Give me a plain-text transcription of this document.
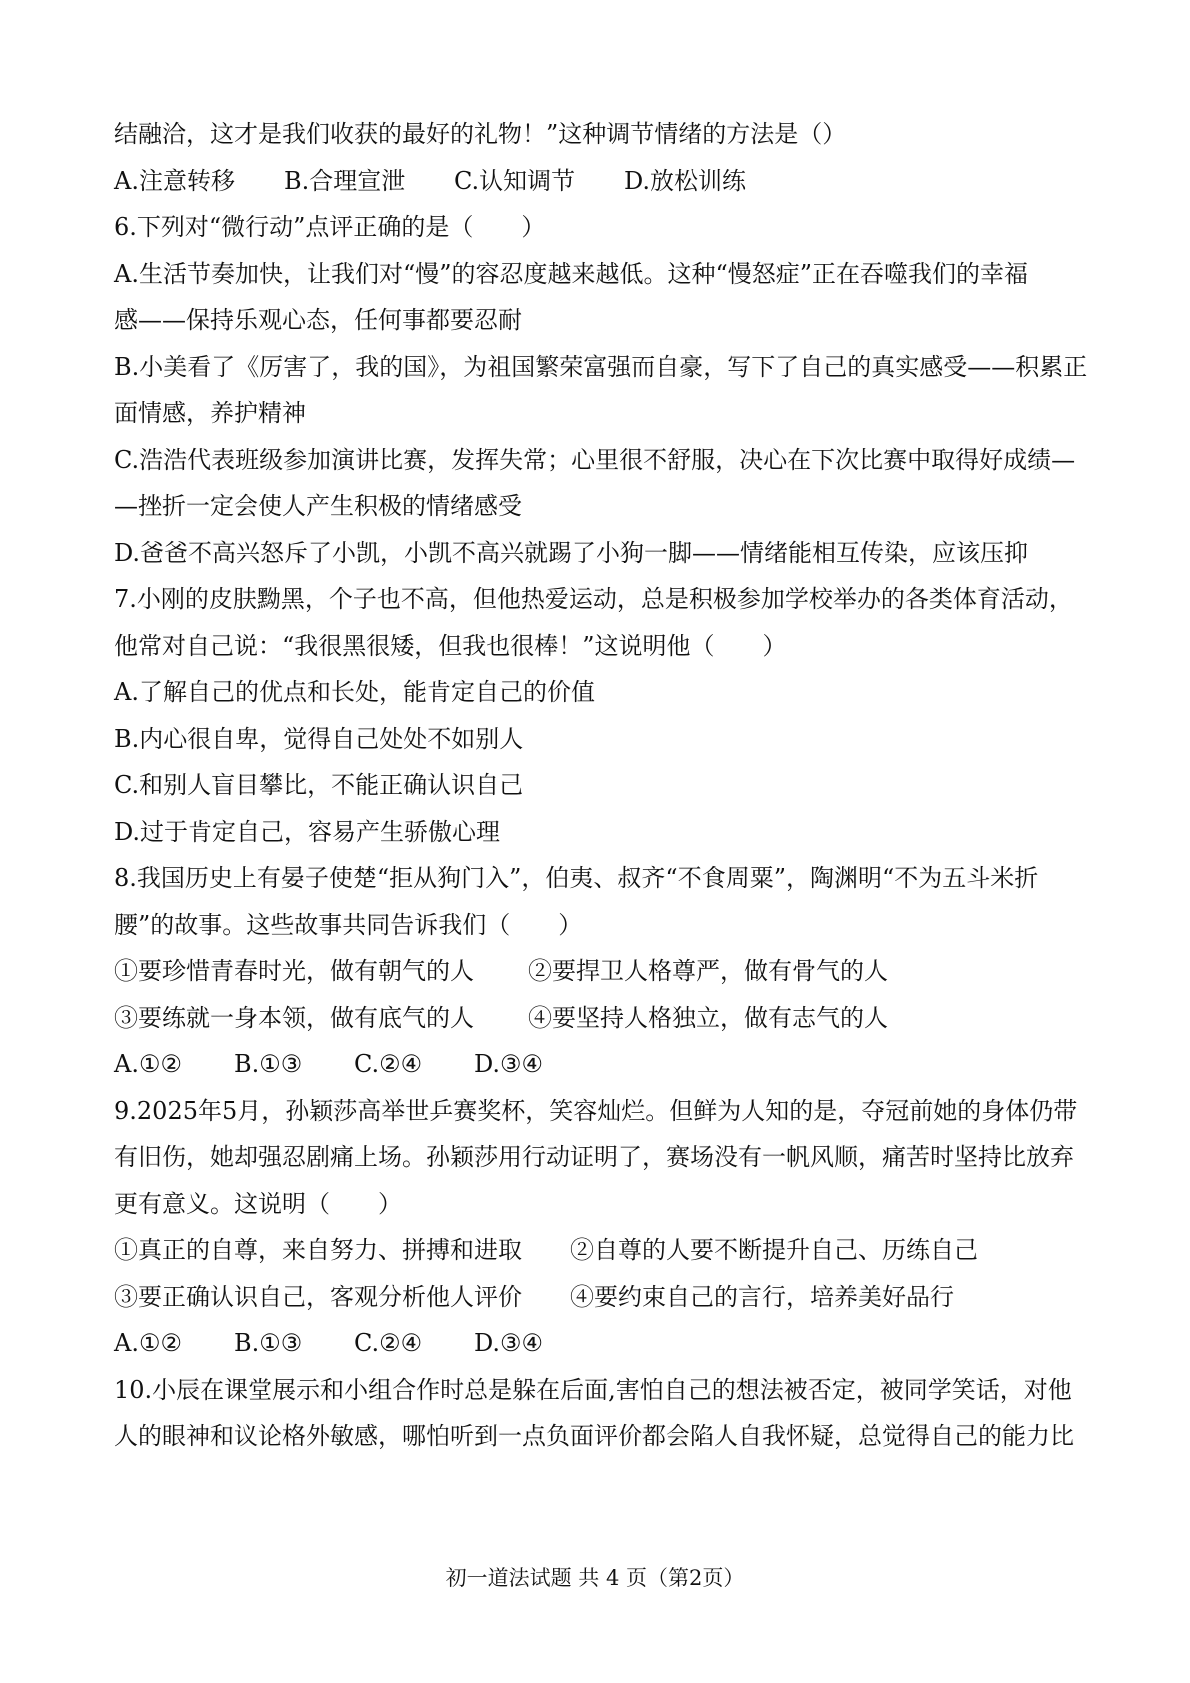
结融洽，这才是我们收获的最好的礼物！”这种调节情绪的方法是（）
A.注意转移 B.合理宣泄 C.认知调节 D.放松训练
6.下列对“微行动”点评正确的是（　　）
A.生活节奏加快，让我们对“慢”的容忍度越来越低。这种“慢怒症”正在吞噬我们的幸福
感——保持乐观心态，任何事都要忍耐
B.小美看了《厉害了，我的国》，为祖国繁荣富强而自豪，写下了自己的真实感受——积累正
面情感，养护精神
C.浩浩代表班级参加演讲比赛，发挥失常；心里很不舒服，决心在下次比赛中取得好成绩—
—挫折一定会使人产生积极的情绪感受
D.爸爸不高兴怒斥了小凯，小凯不高兴就踢了小狗一脚——情绪能相互传染，应该压抑
7.小刚的皮肤黝黑，个子也不高，但他热爱运动，总是积极参加学校举办的各类体育活动，
他常对自己说：“我很黑很矮，但我也很棒！”这说明他（　　）
A.了解自己的优点和长处，能肯定自己的价值
B.内心很自卑，觉得自己处处不如别人
C.和别人盲目攀比，不能正确认识自己
D.过于肯定自己，容易产生骄傲心理
8.我国历史上有晏子使楚“拒从狗门入”，伯夷、叔齐“不食周粟”，陶渊明“不为五斗米折
腰”的故事。这些故事共同告诉我们（　　）
①要珍惜青春时光，做有朝气的人 ②要捍卫人格尊严，做有骨气的人
③要练就一身本领，做有底气的人 ④要坚持人格独立，做有志气的人
A.①② B.①③ C.②④ D.③④
9.2025年5月，孙颖莎高举世乒赛奖杯，笑容灿烂。但鲜为人知的是，夺冠前她的身体仍带
有旧伤，她却强忍剧痛上场。孙颖莎用行动证明了，赛场没有一帆风顺，痛苦时坚持比放弃
更有意义。这说明（　　）
①真正的自尊，来自努力、拼搏和进取 ②自尊的人要不断提升自己、历练自己
③要正确认识自己，客观分析他人评价 ④要约束自己的言行，培养美好品行
A.①② B.①③ C.②④ D.③④
10.小辰在课堂展示和小组合作时总是躲在后面,害怕自己的想法被否定，被同学笑话，对他
人的眼神和议论格外敏感，哪怕听到一点负面评价都会陷人自我怀疑，总觉得自己的能力比
初一道法试题 共 4 页（第2页）
